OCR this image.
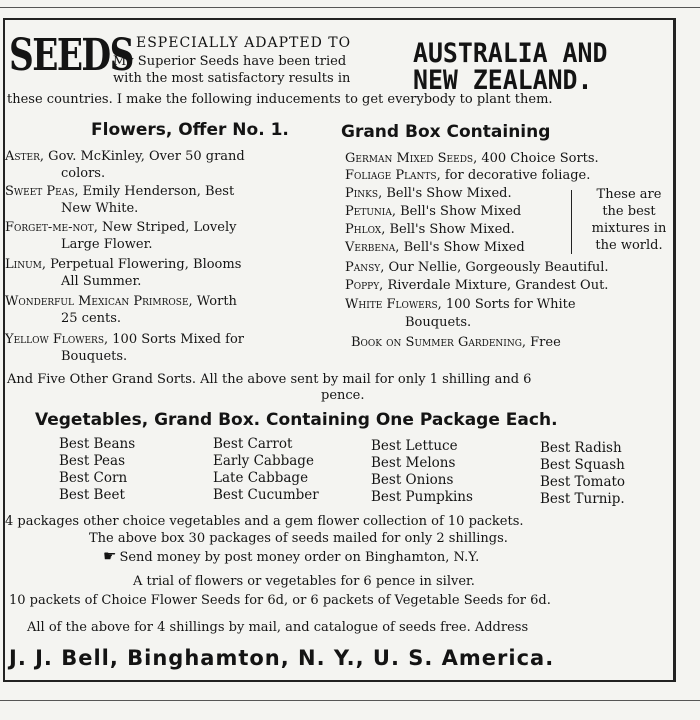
SEEDS ESPECIALLY ADAPTED TO
My Superior Seeds have been tried
with the most satisfactory results in
these countries. I make the following inducements to get everybody to plant them.
AUSTRALIA AND
NEW ZEALAND.
Flowers, Offer No. 1.
Aster, Gov. McKinley, Over 50 grand
colors.
Sweet Peas, Emily Henderson, Best
New White.
Forget-me-not, New Striped, Lovely
Large Flower.
Linum, Perpetual Flowering, Blooms
All Summer.
Wonderful Mexican Primrose, Worth
25 cents.
Yellow Flowers, 100 Sorts Mixed for
Bouquets.
Grand Box Containing
German Mixed Seeds, 400 Choice Sorts.
Foliage Plants, for decorative foliage.
Pinks, Bell's Show Mixed.
Petunia, Bell's Show Mixed
Phlox, Bell's Show Mixed.
Verbena, Bell's Show Mixed
These are
the best
mixtures in
the world.
Pansy, Our Nellie, Gorgeously Beautiful.
Poppy, Riverdale Mixture, Grandest Out.
White Flowers, 100 Sorts for White
Bouquets.
Book on Summer Gardening, Free
And Five Other Grand Sorts. All the above sent by mail for only 1 shilling and 6
pence.
Vegetables, Grand Box. Containing One Package Each.
Best Beans
Best Peas
Best Corn
Best Beet
Best Carrot
Early Cabbage
Late Cabbage
Best Cucumber
Best Lettuce
Best Melons
Best Onions
Best Pumpkins
Best Radish
Best Squash
Best Tomato
Best Turnip.
4 packages other choice vegetables and a gem flower collection of 10 packets.
The above box 30 packages of seeds mailed for only 2 shillings.
☛ Send money by post money order on Binghamton, N.Y.
A trial of flowers or vegetables for 6 pence in silver.
10 packets of Choice Flower Seeds for 6d, or 6 packets of Vegetable Seeds for 6d.
All of the above for 4 shillings by mail, and catalogue of seeds free. Address
J. J. Bell, Binghamton, N. Y., U. S. America.
